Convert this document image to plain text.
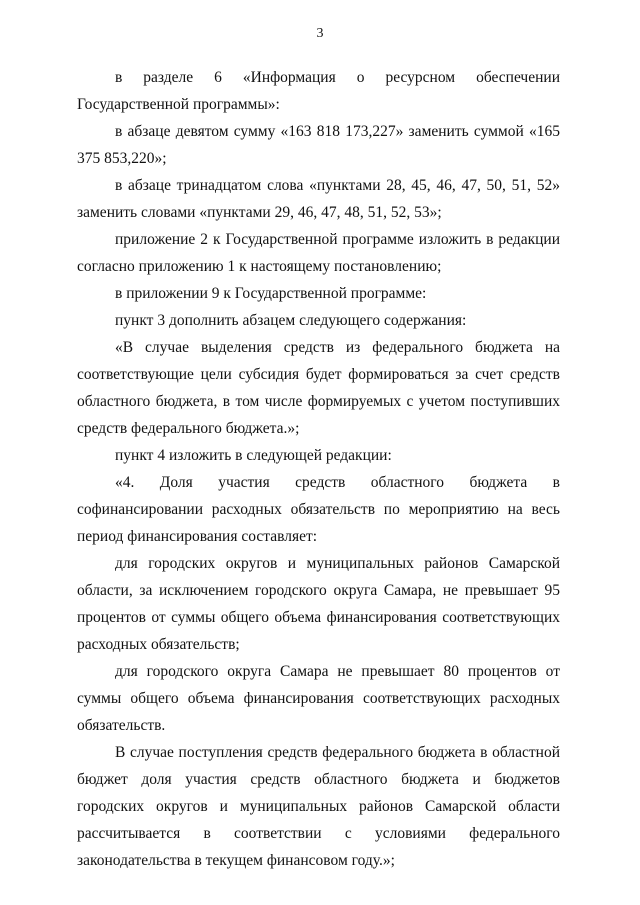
3

в разделе 6 «Информация о ресурсном обеспечении Государственной программы»:

в абзаце девятом сумму «163 818 173,227» заменить суммой «165 375 853,220»;

в абзаце тринадцатом слова «пунктами 28, 45, 46, 47, 50, 51, 52» заменить словами «пунктами 29, 46, 47, 48, 51, 52, 53»;

приложение 2 к Государственной программе изложить в редакции согласно приложению 1 к настоящему постановлению;

в приложении 9 к Государственной программе:

пункт 3 дополнить абзацем следующего содержания:

«В случае выделения средств из федерального бюджета на соответствующие цели субсидия будет формироваться за счет средств областного бюджета, в том числе формируемых с учетом поступивших средств федерального бюджета.»;

пункт 4 изложить в следующей редакции:

«4. Доля участия средств областного бюджета в софинансировании расходных обязательств по мероприятию на весь период финансирования составляет:

для городских округов и муниципальных районов Самарской области, за исключением городского округа Самара, не превышает 95 процентов от суммы общего объема финансирования соответствующих расходных обязательств;

для городского округа Самара не превышает 80 процентов от суммы общего объема финансирования соответствующих расходных обязательств.

В случае поступления средств федерального бюджета в областной бюджет доля участия средств областного бюджета и бюджетов городских округов и муниципальных районов Самарской области рассчитывается в соответствии с условиями федерального законодательства в текущем финансовом году.»;
